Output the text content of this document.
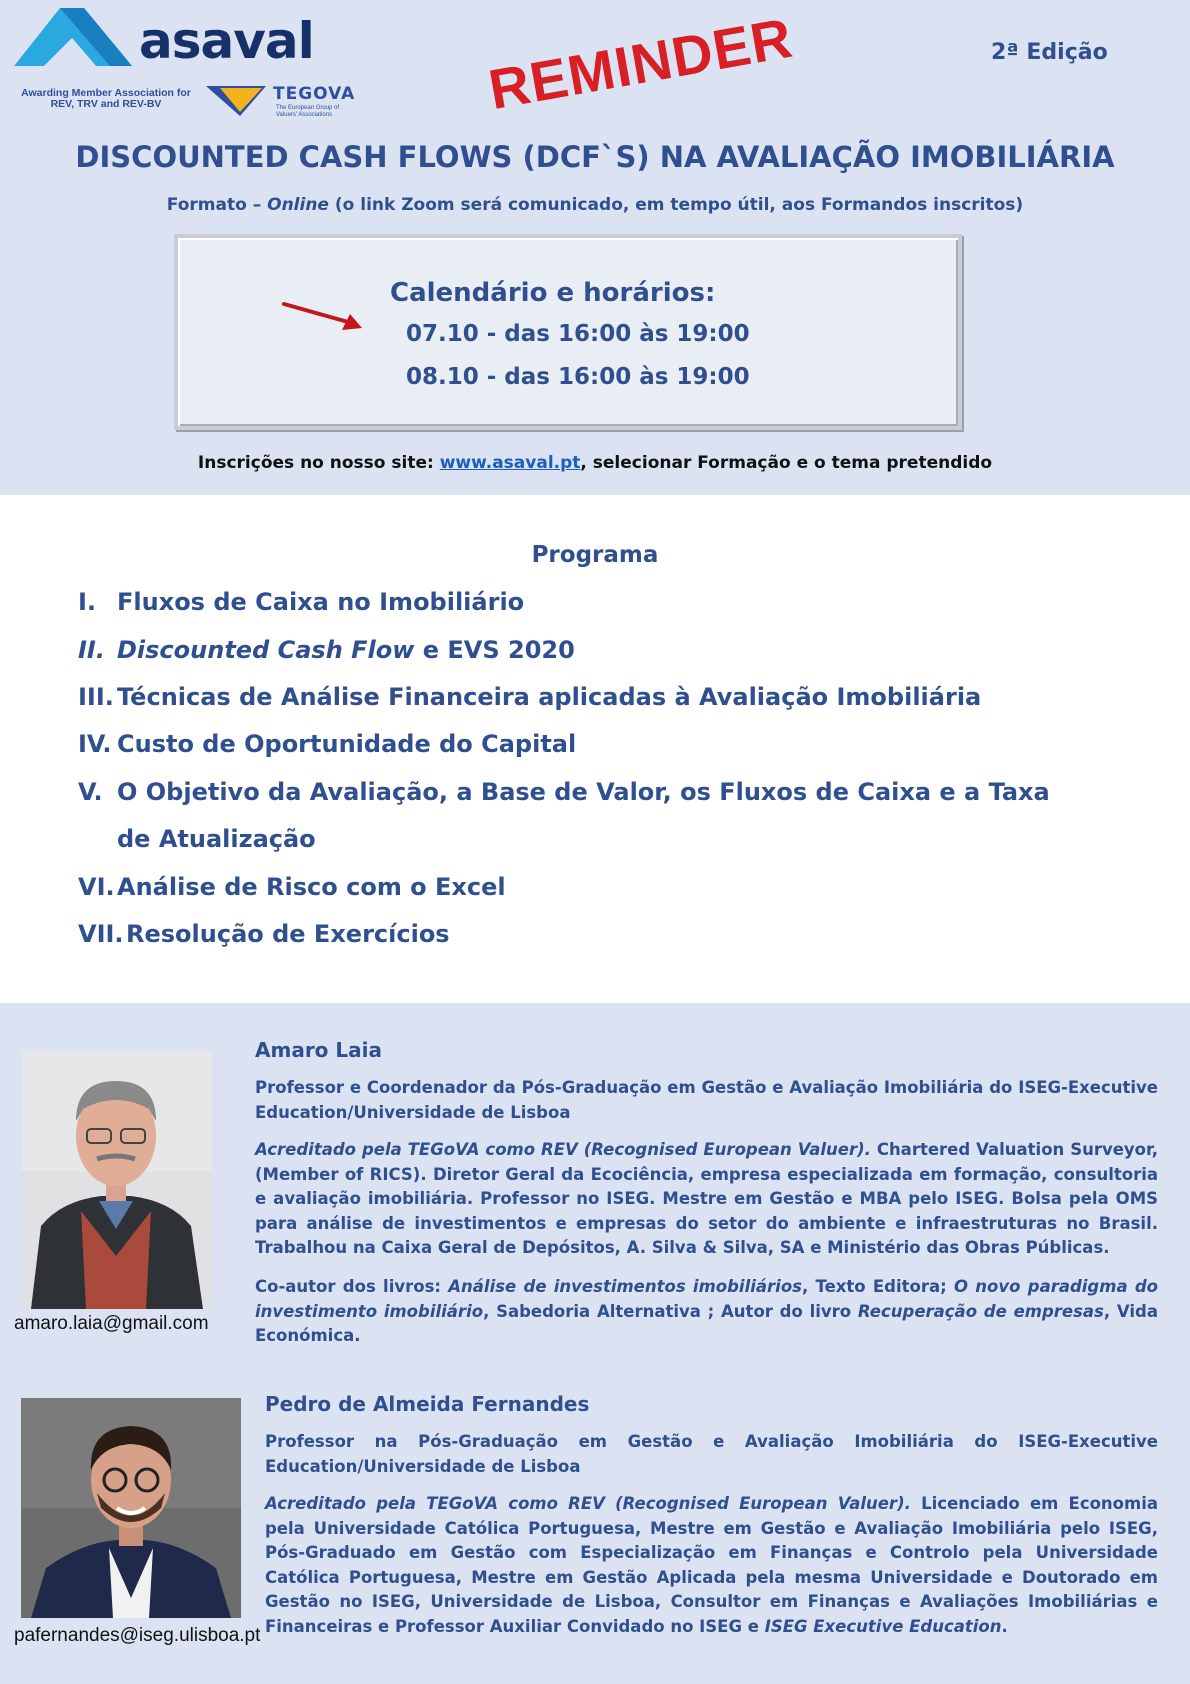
asaval
Awarding Member Association for REV, TRV and REV-BV	TEGOVA
The European Group of Valuers' Associations	REMINDER	2ª Edição
DISCOUNTED CASH FLOWS (DCF`S) NA AVALIAÇÃO IMOBILIÁRIA
Formato – Online (o link Zoom será comunicado, em tempo útil, aos Formandos inscritos)
Calendário e horários:
07.10 - das 16:00 às 19:00
08.10 - das 16:00 às 19:00
Inscrições no nosso site: www.asaval.pt, selecionar Formação e o tema pretendido
Programa
I. Fluxos de Caixa no Imobiliário
II. Discounted Cash Flow e EVS 2020
III. Técnicas de Análise Financeira aplicadas à Avaliação Imobiliária
IV. Custo de Oportunidade do Capital
V. O Objetivo da Avaliação, a Base de Valor, os Fluxos de Caixa e a Taxa
de Atualização
VI.Análise de Risco com o Excel
VII. Resolução de Exercícios
amaro.laia@gmail.com
Amaro Laia
Professor e Coordenador da Pós-Graduação em Gestão e Avaliação Imobiliária do ISEG-Executive Education/Universidade de Lisboa
Acreditado pela TEGoVA como REV (Recognised European Valuer). Chartered Valuation Surveyor, (Member of RICS). Diretor Geral da Ecociência, empresa especializada em formação, consultoria e avaliação imobiliária. Professor no ISEG. Mestre em Gestão e MBA pelo ISEG. Bolsa pela OMS para análise de investimentos e empresas do setor do ambiente e infraestruturas no Brasil. Trabalhou na Caixa Geral de Depósitos, A. Silva & Silva, SA e Ministério das Obras Públicas.
Co-autor dos livros: Análise de investimentos imobiliários, Texto Editora; O novo paradigma do investimento imobiliário, Sabedoria Alternativa ; Autor do livro Recuperação de empresas, Vida Económica.
pafernandes@iseg.ulisboa.pt
Pedro de Almeida Fernandes
Professor na Pós-Graduação em Gestão e Avaliação Imobiliária do ISEG-Executive Education/Universidade de Lisboa
Acreditado pela TEGoVA como REV (Recognised European Valuer). Licenciado em Economia pela Universidade Católica Portuguesa, Mestre em Gestão e Avaliação Imobiliária pelo ISEG, Pós-Graduado em Gestão com Especialização em Finanças e Controlo pela Universidade Católica Portuguesa, Mestre em Gestão Aplicada pela mesma Universidade e Doutorado em Gestão no ISEG, Universidade de Lisboa, Consultor em Finanças e Avaliações Imobiliárias e Financeiras e Professor Auxiliar Convidado no ISEG e ISEG Executive Education.
